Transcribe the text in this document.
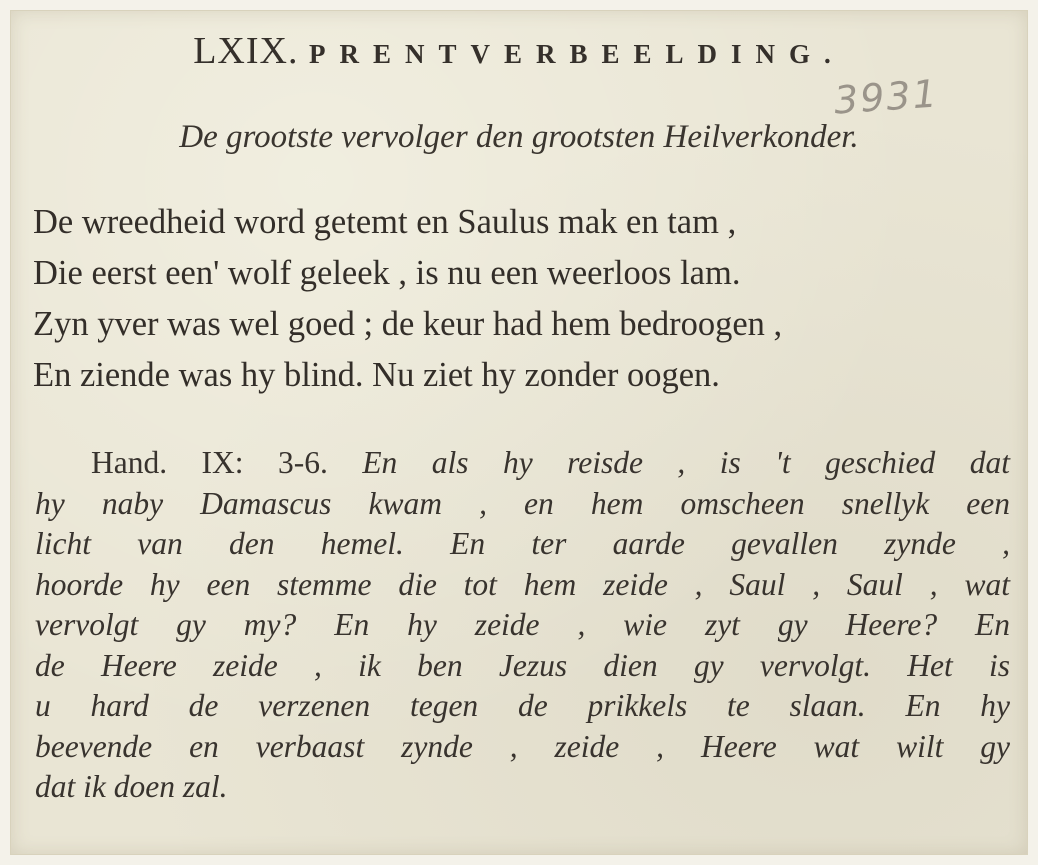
LXIX. PRENTVERBEELDING.
3931
De grootste vervolger den grootsten Heilverkonder.
De wreedheid word getemt en Saulus mak en tam ,
Die eerst een' wolf geleek , is nu een weerloos lam.
Zyn yver was wel goed ; de keur had hem bedroogen ,
En ziende was hy blind. Nu ziet hy zonder oogen.
Hand. IX: 3-6. En als hy reisde , is 't geschied dat
hy naby Damascus kwam , en hem omscheen snellyk een
licht van den hemel. En ter aarde gevallen zynde ,
hoorde hy een stemme die tot hem zeide , Saul , Saul , wat
vervolgt gy my? En hy zeide , wie zyt gy Heere? En
de Heere zeide , ik ben Jezus dien gy vervolgt. Het is
u hard de verzenen tegen de prikkels te slaan. En hy
beevende en verbaast zynde , zeide , Heere wat wilt gy
dat ik doen zal.
